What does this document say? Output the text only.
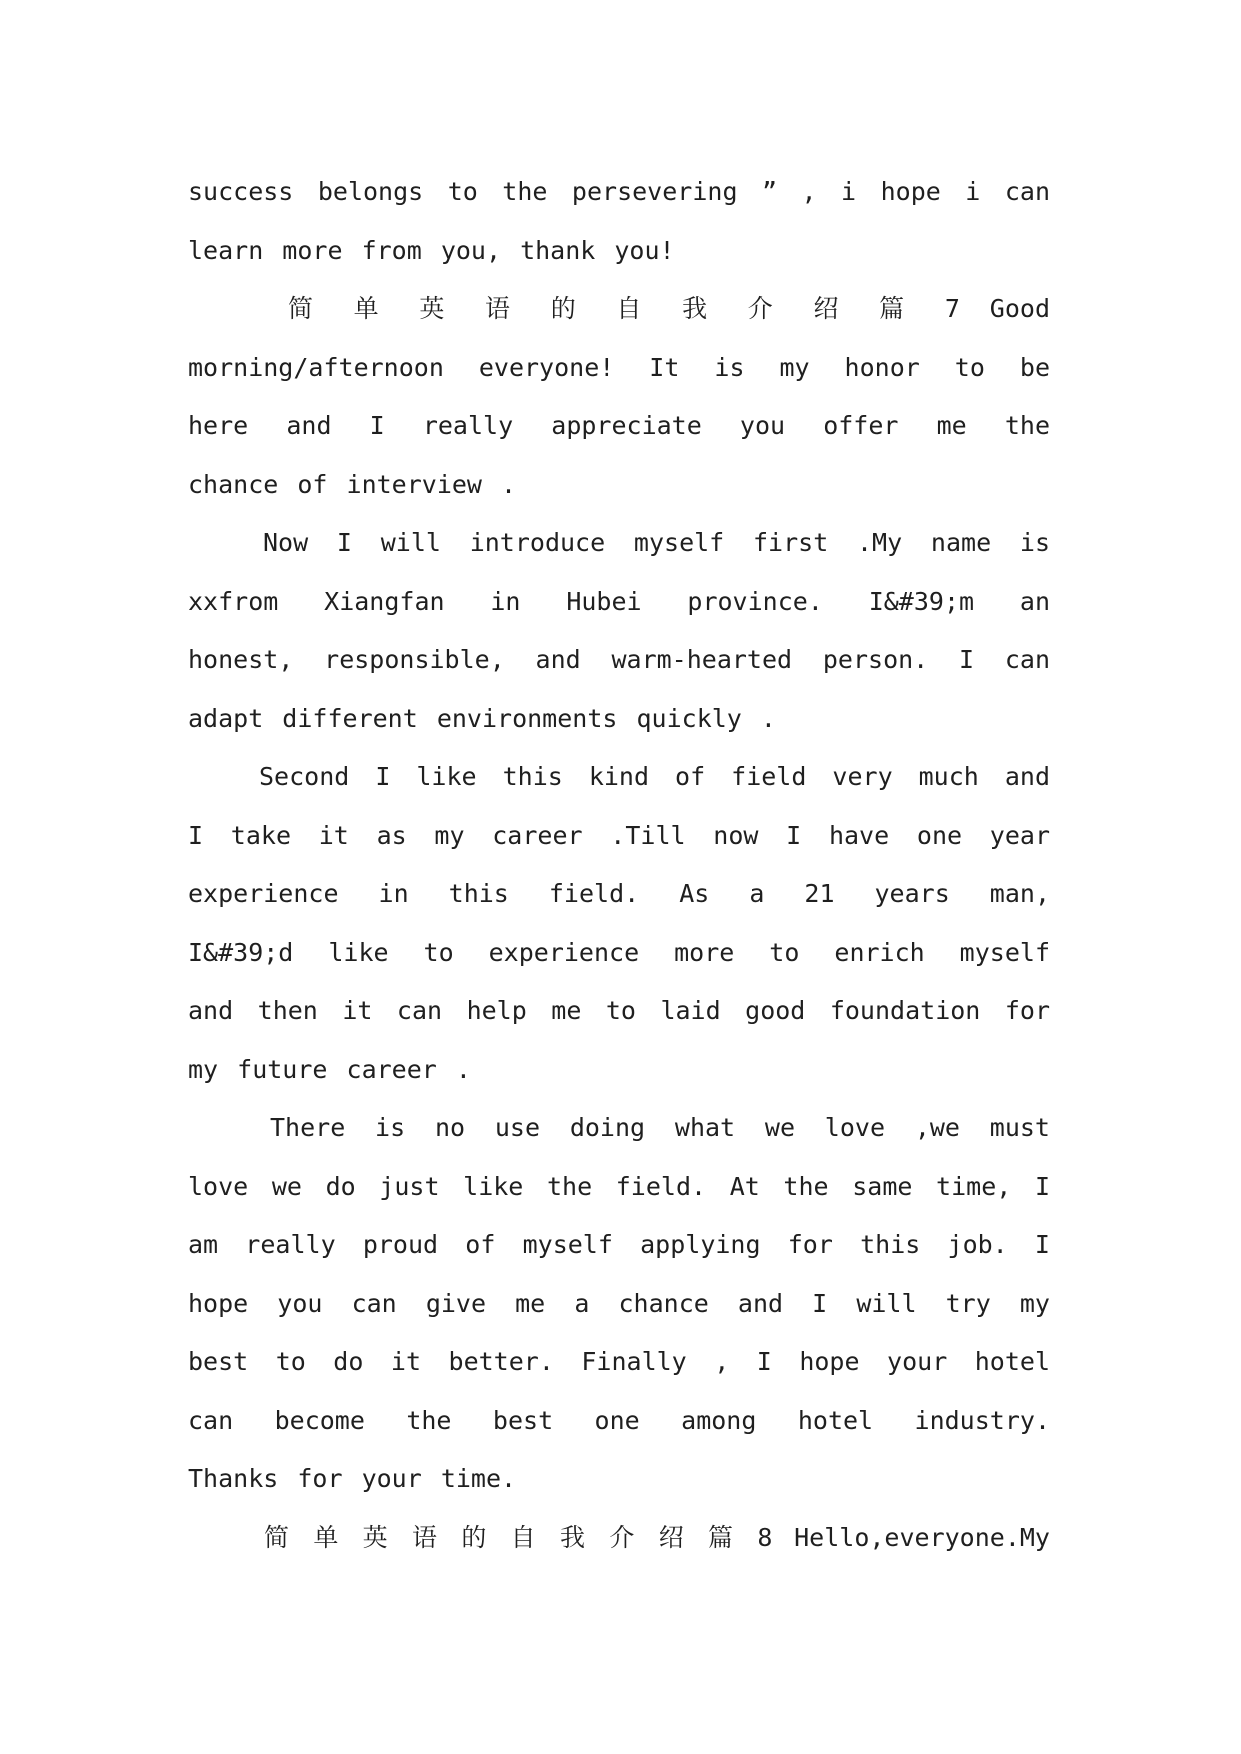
success belongs to the persevering ” , i hope i can
learn more from you, thank you!
简 单 英 语 的 自 我 介 绍 篇 7 Good
morning/afternoon everyone! It is my honor to be
here and I really appreciate you offer me the
chance of interview .
Now I will introduce myself first .My name is
xxfrom Xiangfan in Hubei province. I&#39;m an
honest, responsible, and warm-hearted person. I can
adapt different environments quickly .
Second I like this kind of field very much and
I take it as my career .Till now I have one year
experience in this field. As a 21 years man,
I&#39;d like to experience more to enrich myself
and then it can help me to laid good foundation for
my future career .
There is no use doing what we love ,we must
love we do just like the field. At the same time, I
am really proud of myself applying for this job. I
hope you can give me a chance and I will try my
best to do it better. Finally , I hope your hotel
can become the best one among hotel industry.
Thanks for your time.
简 单 英 语 的 自 我 介 绍 篇 8 Hello,everyone.My
